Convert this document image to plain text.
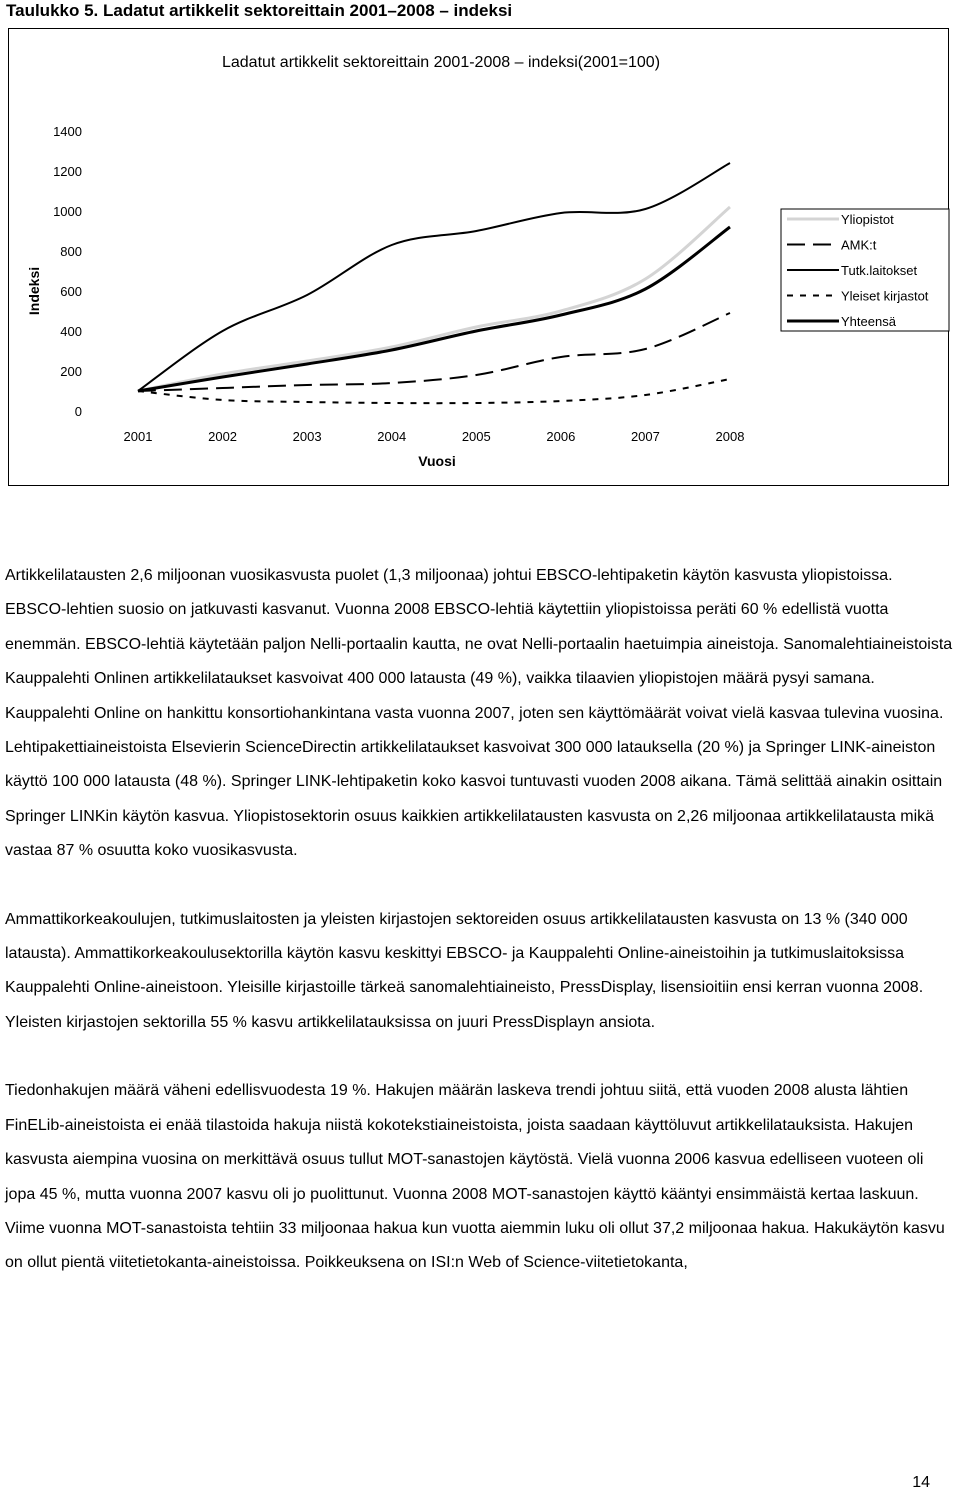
Taulukko 5. Ladatut artikkelit sektoreittain 2001–2008 – indeksi
Ladatut artikkelit sektoreittain 2001-2008 – indeksi(2001=100)
Indeksi
Vuosi
0
200
400
600
800
1000
1200
1400
2001	2002	2003	2004	2005	2006	2007	2008
Yliopistot
AMK:t
Tutk.laitokset
Yleiset kirjastot
Yhteensä

Artikkelilatausten 2,6 miljoonan vuosikasvusta puolet (1,3 miljoonaa) johtui EBSCO-lehtipaketin käytön kasvusta yliopistoissa. EBSCO-lehtien suosio on jatkuvasti kasvanut. Vuonna 2008 EBSCO-lehtiä käytettiin yliopistoissa peräti 60 % edellistä vuotta enemmän. EBSCO-lehtiä käytetään paljon Nelli-portaalin kautta, ne ovat Nelli-portaalin haetuimpia aineistoja. Sanomalehtiaineistoista Kauppalehti Onlinen artikkelilataukset kasvoivat 400 000 latausta (49 %), vaikka tilaavien yliopistojen määrä pysyi samana. Kauppalehti Online on hankittu konsortiohankintana vasta vuonna 2007, joten sen käyttömäärät voivat vielä kasvaa tulevina vuosina. Lehtipakettiaineistoista Elsevierin ScienceDirectin artikkelilataukset kasvoivat 300 000 latauksella (20 %) ja Springer LINK-aineiston käyttö 100 000 latausta (48 %). Springer LINK-lehtipaketin koko kasvoi tuntuvasti vuoden 2008 aikana. Tämä selittää ainakin osittain Springer LINKin käytön kasvua. Yliopistosektorin osuus kaikkien artikkelilatausten kasvusta on 2,26 miljoonaa artikkelilatausta mikä vastaa 87 % osuutta koko vuosikasvusta.

Ammattikorkeakoulujen, tutkimuslaitosten ja yleisten kirjastojen sektoreiden osuus artikkelilatausten kasvusta on 13 % (340 000 latausta). Ammattikorkeakoulusektorilla käytön kasvu keskittyi EBSCO- ja Kauppalehti Online-aineistoihin ja tutkimuslaitoksissa Kauppalehti Online-aineistoon. Yleisille kirjastoille tärkeä sanomalehtiaineisto, PressDisplay, lisensioitiin ensi kerran vuonna 2008. Yleisten kirjastojen sektorilla 55 % kasvu artikkelilatauksissa on juuri PressDisplayn ansiota.

Tiedonhakujen määrä väheni edellisvuodesta 19 %. Hakujen määrän laskeva trendi johtuu siitä, että vuoden 2008 alusta lähtien FinELib-aineistoista ei enää tilastoida hakuja niistä kokotekstiaineistoista, joista saadaan käyttöluvut artikkelilatauksista. Hakujen kasvusta aiempina vuosina on merkittävä osuus tullut MOT-sanastojen käytöstä. Vielä vuonna 2006 kasvua edelliseen vuoteen oli jopa 45 %, mutta vuonna 2007 kasvu oli jo puolittunut. Vuonna 2008 MOT-sanastojen käyttö kääntyi ensimmäistä kertaa laskuun. Viime vuonna MOT-sanastoista tehtiin 33 miljoonaa hakua kun vuotta aiemmin luku oli ollut 37,2 miljoonaa hakua. Hakukäytön kasvu on ollut pientä viitetietokanta-aineistoissa. Poikkeuksena on ISI:n Web of Science-viitetietokanta,

14
